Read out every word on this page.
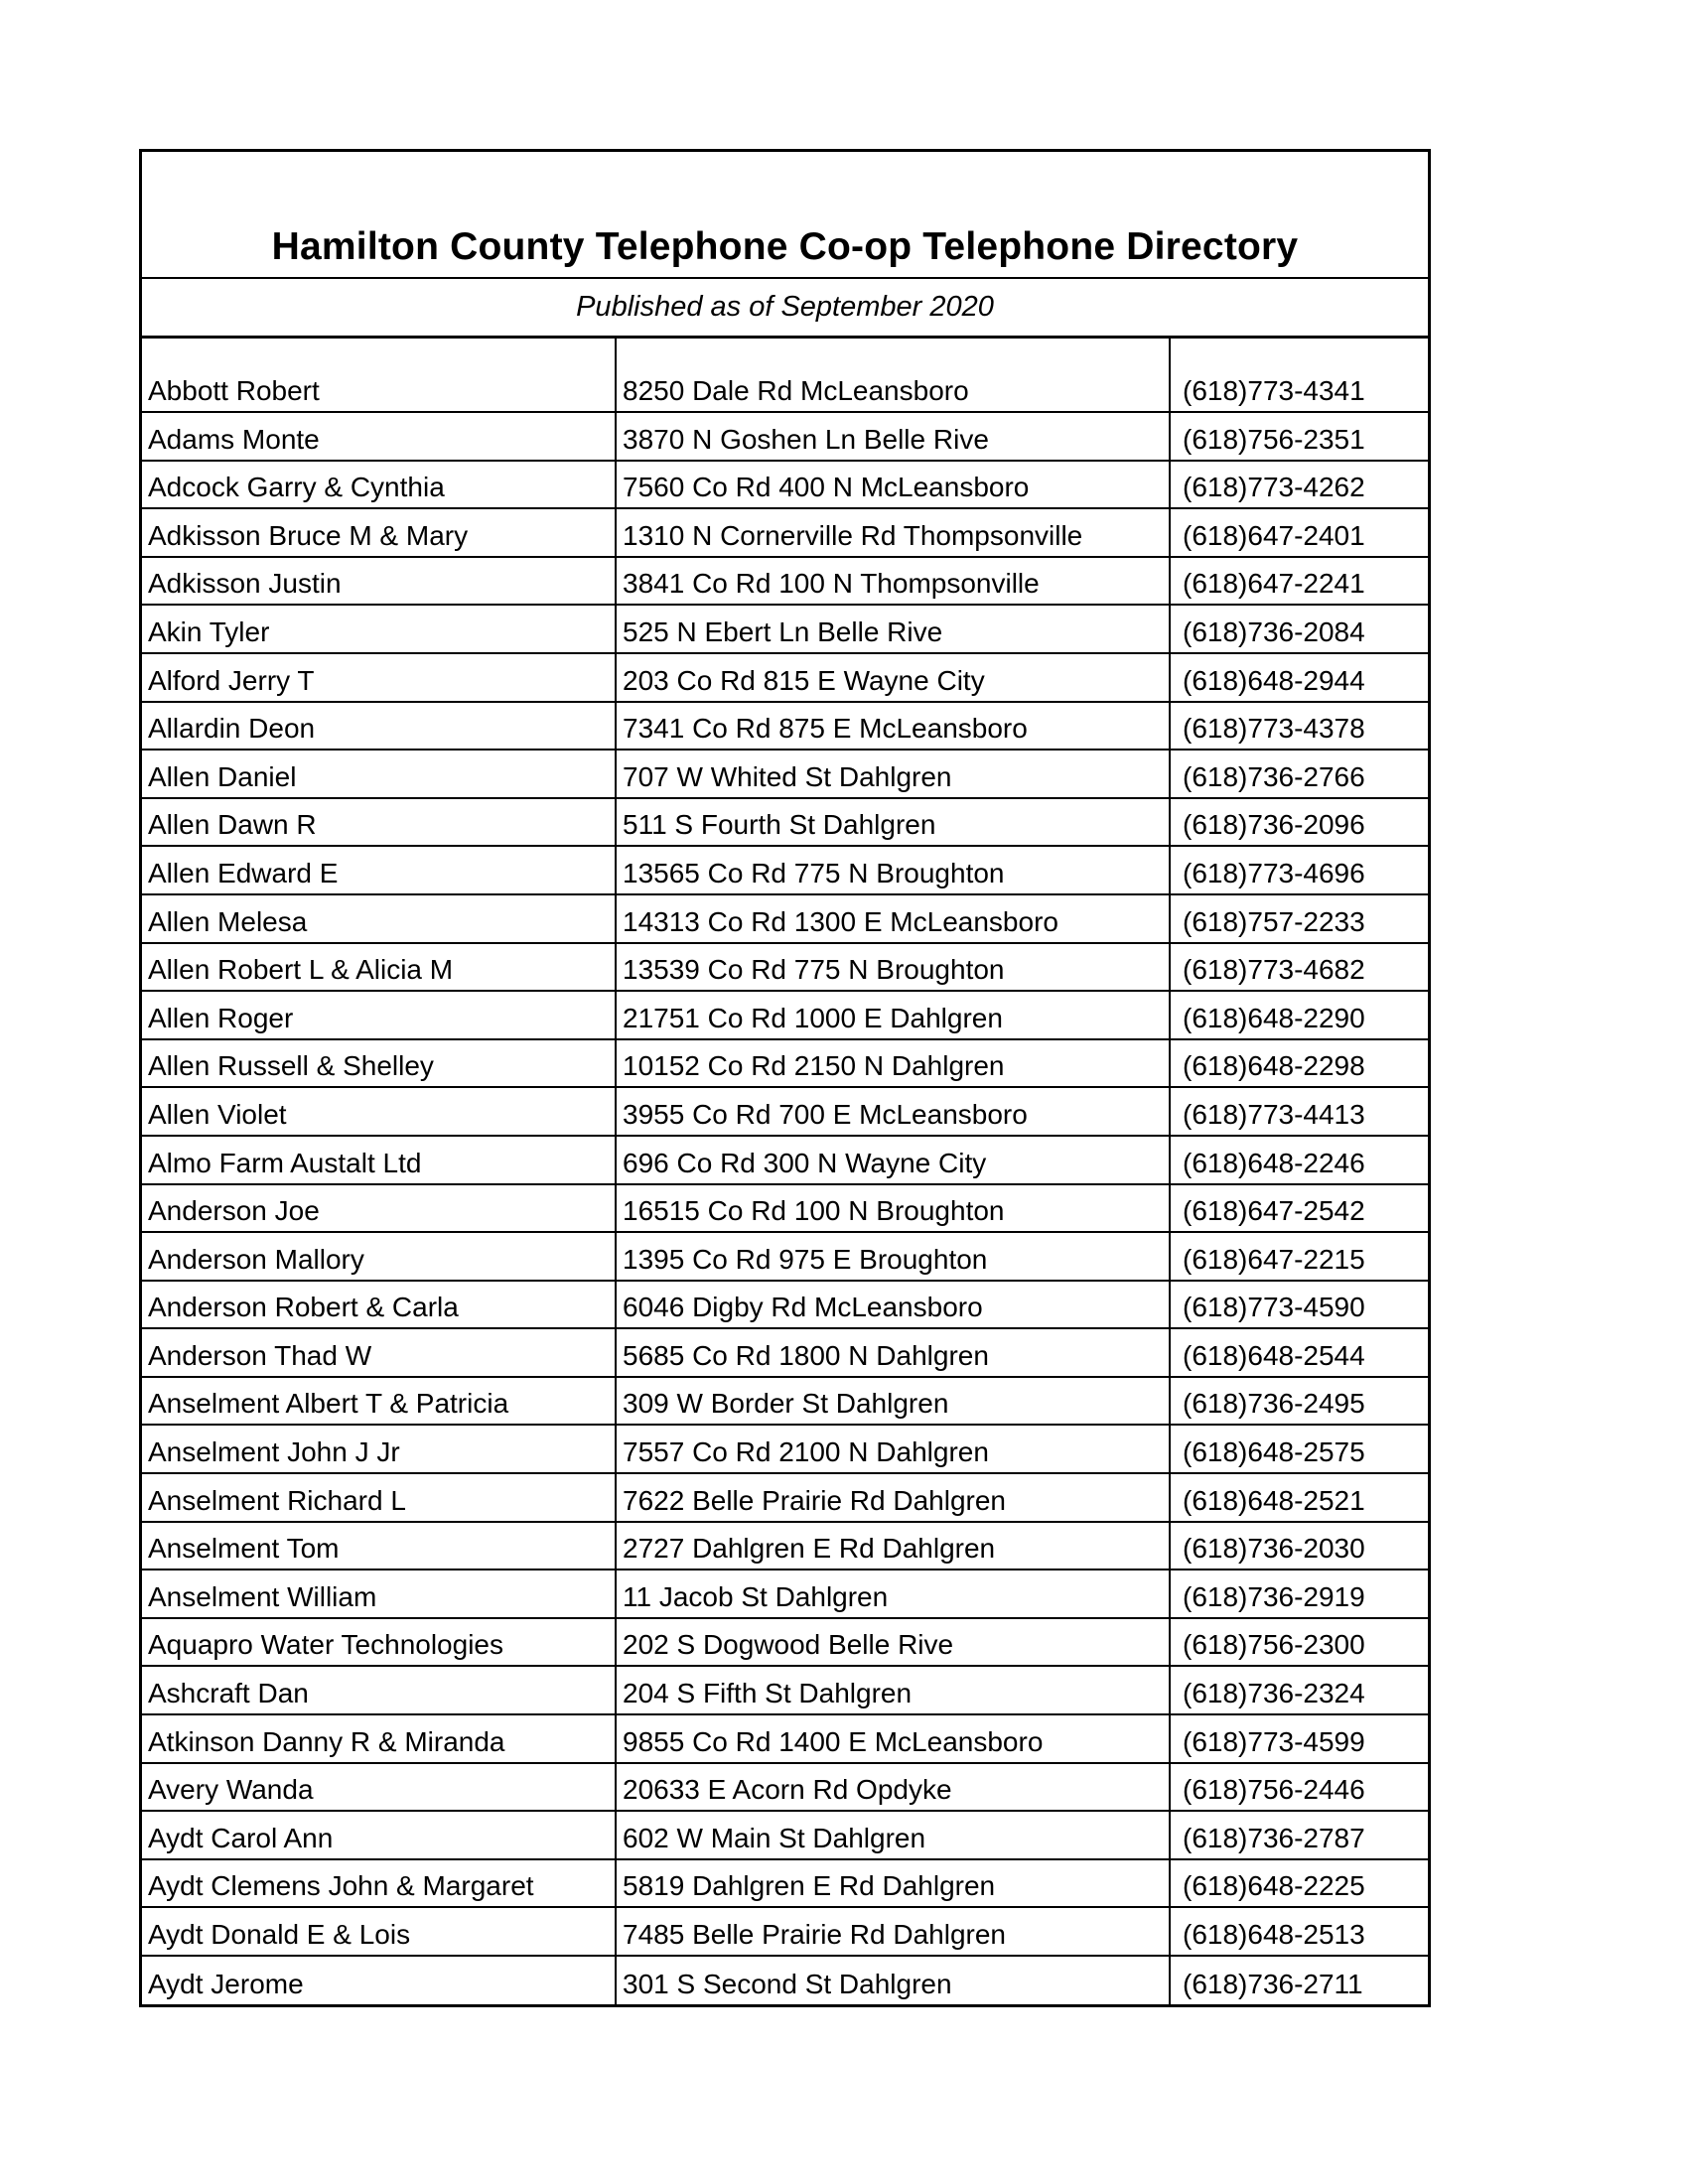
Hamilton County Telephone Co-op Telephone Directory
Published as of September 2020
Abbott Robert	8250 Dale Rd McLeansboro	(618)773-4341
Adams Monte	3870 N Goshen Ln Belle Rive	(618)756-2351
Adcock Garry & Cynthia	7560 Co Rd 400 N McLeansboro	(618)773-4262
Adkisson Bruce M & Mary	1310 N Cornerville Rd Thompsonville	(618)647-2401
Adkisson Justin	3841 Co Rd 100 N Thompsonville	(618)647-2241
Akin Tyler	525 N Ebert Ln Belle Rive	(618)736-2084
Alford Jerry T	203 Co Rd 815 E Wayne City	(618)648-2944
Allardin Deon	7341 Co Rd 875 E McLeansboro	(618)773-4378
Allen Daniel	707 W Whited St Dahlgren	(618)736-2766
Allen Dawn R	511 S Fourth St Dahlgren	(618)736-2096
Allen Edward E	13565 Co Rd 775 N Broughton	(618)773-4696
Allen Melesa	14313 Co Rd 1300 E McLeansboro	(618)757-2233
Allen Robert L & Alicia M	13539 Co Rd 775 N Broughton	(618)773-4682
Allen Roger	21751 Co Rd 1000 E Dahlgren	(618)648-2290
Allen Russell & Shelley	10152 Co Rd 2150 N Dahlgren	(618)648-2298
Allen Violet	3955 Co Rd 700 E McLeansboro	(618)773-4413
Almo Farm Austalt Ltd	696 Co Rd 300 N Wayne City	(618)648-2246
Anderson Joe	16515 Co Rd 100 N Broughton	(618)647-2542
Anderson Mallory	1395 Co Rd 975 E Broughton	(618)647-2215
Anderson Robert & Carla	6046 Digby Rd McLeansboro	(618)773-4590
Anderson Thad W	5685 Co Rd 1800 N Dahlgren	(618)648-2544
Anselment Albert T & Patricia	309 W Border St Dahlgren	(618)736-2495
Anselment John J Jr	7557 Co Rd 2100 N Dahlgren	(618)648-2575
Anselment Richard L	7622 Belle Prairie Rd Dahlgren	(618)648-2521
Anselment Tom	2727 Dahlgren E Rd Dahlgren	(618)736-2030
Anselment William	11 Jacob St Dahlgren	(618)736-2919
Aquapro Water Technologies	202 S Dogwood Belle Rive	(618)756-2300
Ashcraft Dan	204 S Fifth St Dahlgren	(618)736-2324
Atkinson Danny R & Miranda	9855 Co Rd 1400 E McLeansboro	(618)773-4599
Avery Wanda	20633 E Acorn Rd Opdyke	(618)756-2446
Aydt Carol Ann	602 W Main St Dahlgren	(618)736-2787
Aydt Clemens John & Margaret	5819 Dahlgren E Rd Dahlgren	(618)648-2225
Aydt Donald E & Lois	7485 Belle Prairie Rd Dahlgren	(618)648-2513
Aydt Jerome	301 S Second St Dahlgren	(618)736-2711
